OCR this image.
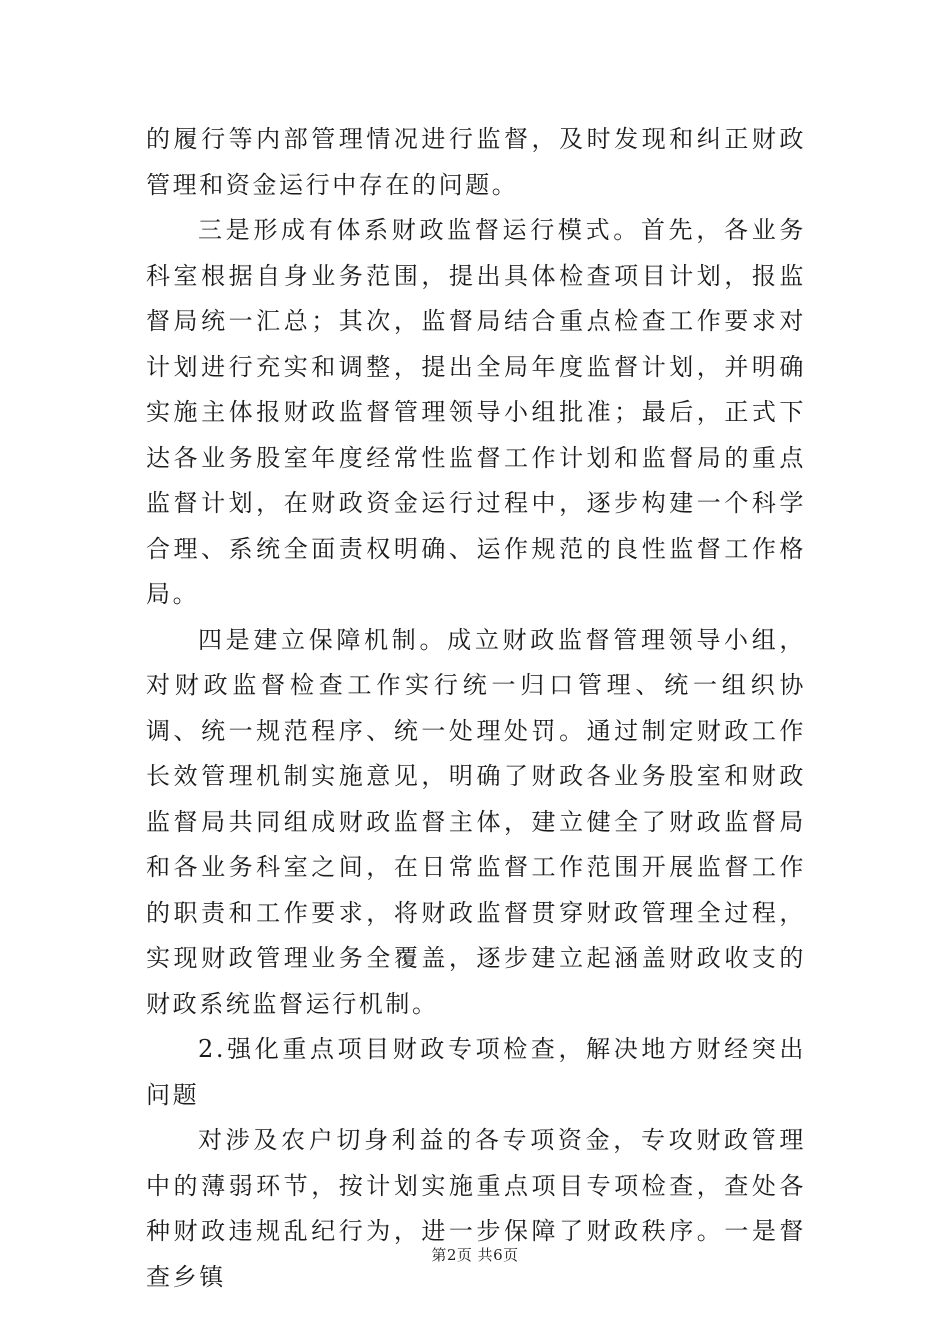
的履行等内部管理情况进行监督，及时发现和纠正财政管理和资金运行中存在的问题。

三是形成有体系财政监督运行模式。首先，各业务科室根据自身业务范围，提出具体检查项目计划，报监督局统一汇总；其次，监督局结合重点检查工作要求对计划进行充实和调整，提出全局年度监督计划，并明确实施主体报财政监督管理领导小组批准；最后，正式下达各业务股室年度经常性监督工作计划和监督局的重点监督计划，在财政资金运行过程中，逐步构建一个科学合理、系统全面责权明确、运作规范的良性监督工作格局。

四是建立保障机制。成立财政监督管理领导小组，对财政监督检查工作实行统一归口管理、统一组织协调、统一规范程序、统一处理处罚。通过制定财政工作长效管理机制实施意见，明确了财政各业务股室和财政监督局共同组成财政监督主体，建立健全了财政监督局和各业务科室之间，在日常监督工作范围开展监督工作的职责和工作要求，将财政监督贯穿财政管理全过程，实现财政管理业务全覆盖，逐步建立起涵盖财政收支的财政系统监督运行机制。

2.强化重点项目财政专项检查，解决地方财经突出问题

对涉及农户切身利益的各专项资金，专攻财政管理中的薄弱环节，按计划实施重点项目专项检查，查处各种财政违规乱纪行为，进一步保障了财政秩序。一是督查乡镇

第2页 共6页
